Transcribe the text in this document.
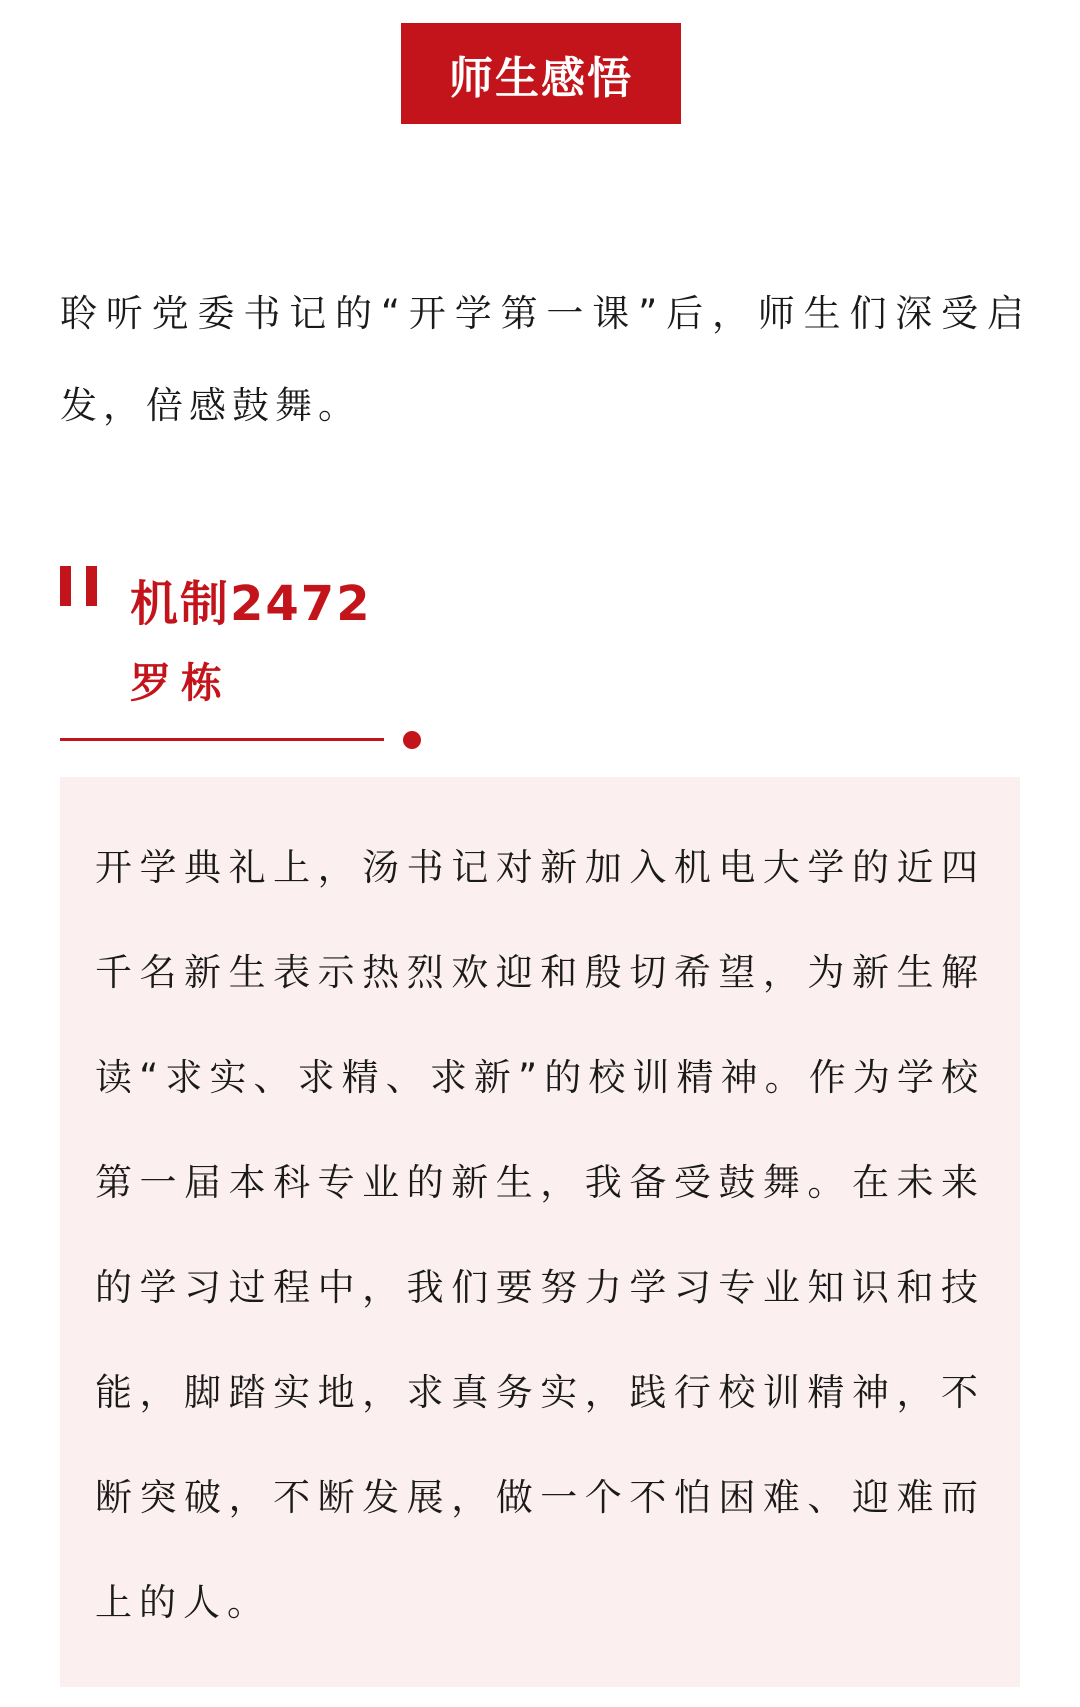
师生感悟

聆听党委书记的“开学第一课”后，师生们深受启发，倍感鼓舞。

机制2472
罗栋

开学典礼上，汤书记对新加入机电大学的近四千名新生表示热烈欢迎和殷切希望，为新生解读“求实、求精、求新”的校训精神。作为学校第一届本科专业的新生，我备受鼓舞。在未来的学习过程中，我们要努力学习专业知识和技能，脚踏实地，求真务实，践行校训精神，不断突破，不断发展，做一个不怕困难、迎难而上的人。
